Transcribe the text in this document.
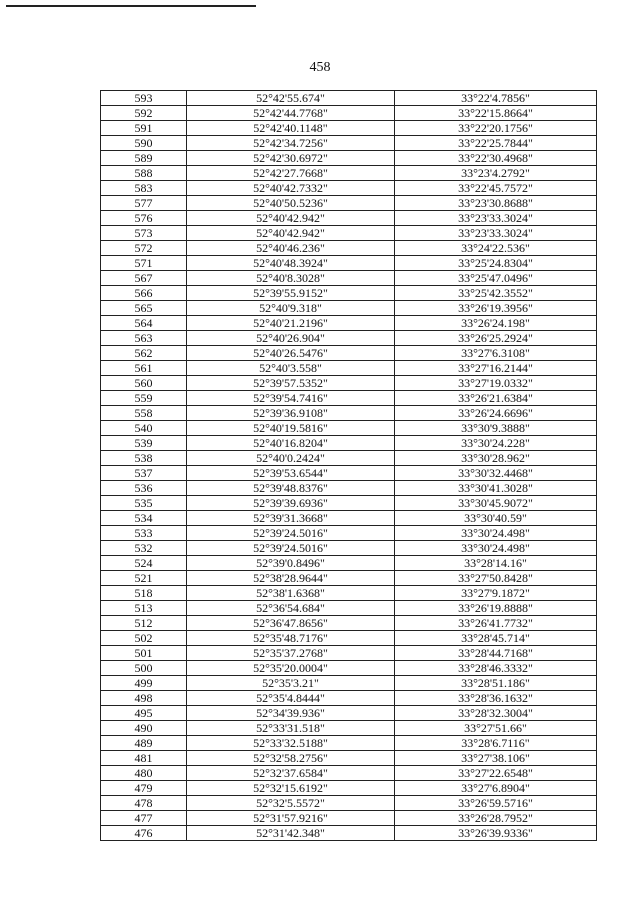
458
593	52°42'55.674"	33°22'4.7856"
592	52°42'44.7768"	33°22'15.8664"
591	52°42'40.1148"	33°22'20.1756"
590	52°42'34.7256"	33°22'25.7844"
589	52°42'30.6972"	33°22'30.4968"
588	52°42'27.7668"	33°23'4.2792"
583	52°40'42.7332"	33°22'45.7572"
577	52°40'50.5236"	33°23'30.8688"
576	52°40'42.942"	33°23'33.3024"
573	52°40'42.942"	33°23'33.3024"
572	52°40'46.236"	33°24'22.536"
571	52°40'48.3924"	33°25'24.8304"
567	52°40'8.3028"	33°25'47.0496"
566	52°39'55.9152"	33°25'42.3552"
565	52°40'9.318"	33°26'19.3956"
564	52°40'21.2196"	33°26'24.198"
563	52°40'26.904"	33°26'25.2924"
562	52°40'26.5476"	33°27'6.3108"
561	52°40'3.558"	33°27'16.2144"
560	52°39'57.5352"	33°27'19.0332"
559	52°39'54.7416"	33°26'21.6384"
558	52°39'36.9108"	33°26'24.6696"
540	52°40'19.5816"	33°30'9.3888"
539	52°40'16.8204"	33°30'24.228"
538	52°40'0.2424"	33°30'28.962"
537	52°39'53.6544"	33°30'32.4468"
536	52°39'48.8376"	33°30'41.3028"
535	52°39'39.6936"	33°30'45.9072"
534	52°39'31.3668"	33°30'40.59"
533	52°39'24.5016"	33°30'24.498"
532	52°39'24.5016"	33°30'24.498"
524	52°39'0.8496"	33°28'14.16"
521	52°38'28.9644"	33°27'50.8428"
518	52°38'1.6368"	33°27'9.1872"
513	52°36'54.684"	33°26'19.8888"
512	52°36'47.8656"	33°26'41.7732"
502	52°35'48.7176"	33°28'45.714"
501	52°35'37.2768"	33°28'44.7168"
500	52°35'20.0004"	33°28'46.3332"
499	52°35'3.21"	33°28'51.186"
498	52°35'4.8444"	33°28'36.1632"
495	52°34'39.936"	33°28'32.3004"
490	52°33'31.518"	33°27'51.66"
489	52°33'32.5188"	33°28'6.7116"
481	52°32'58.2756"	33°27'38.106"
480	52°32'37.6584"	33°27'22.6548"
479	52°32'15.6192"	33°27'6.8904"
478	52°32'5.5572"	33°26'59.5716"
477	52°31'57.9216"	33°26'28.7952"
476	52°31'42.348"	33°26'39.9336"
